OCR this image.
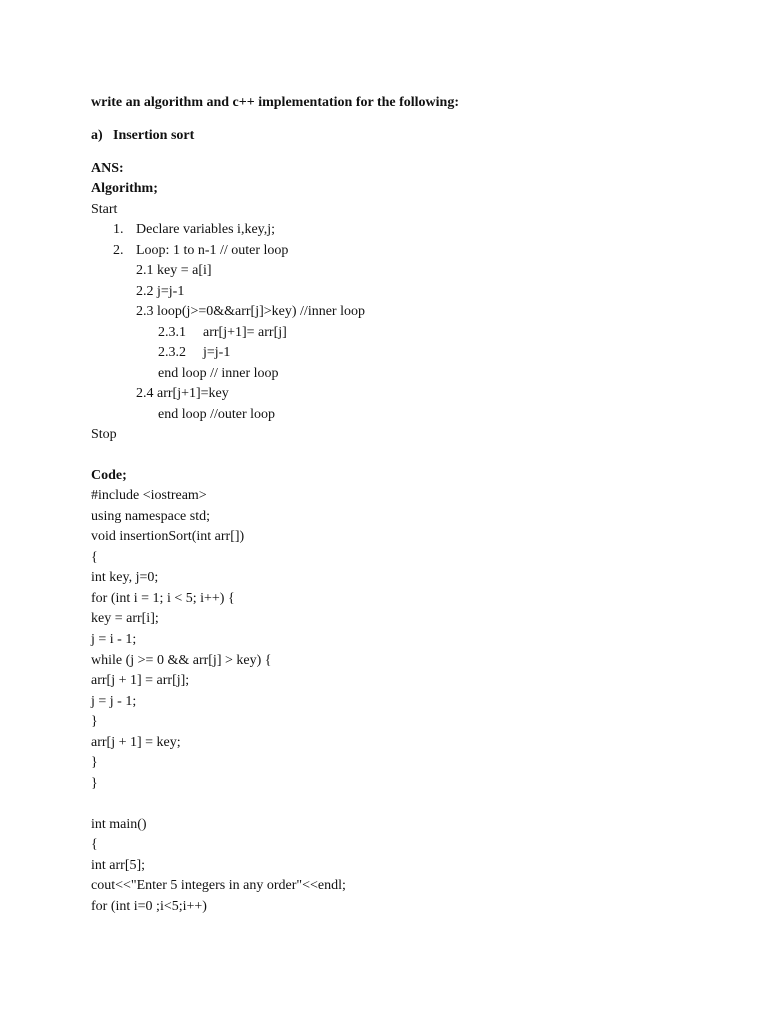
write an algorithm and c++ implementation for the following:
a) Insertion sort
ANS:
Algorithm;
Start
1. Declare variables i,key,j;
2. Loop: 1 to n-1 // outer loop
2.1 key = a[i]
2.2 j=j-1
2.3 loop(j>=0&&arr[j]>key) //inner loop
2.3.1 arr[j+1]= arr[j]
2.3.2 j=j-1
end loop // inner loop
2.4 arr[j+1]=key
end loop //outer loop
Stop
Code;
#include <iostream>
using namespace std;
void insertionSort(int arr[])
{
int key, j=0;
for (int i = 1; i < 5; i++) {
key = arr[i];
j = i - 1;
while (j >= 0 && arr[j] > key) {
arr[j + 1] = arr[j];
j = j - 1;
}
arr[j + 1] = key;
}
}
int main()
{
int arr[5];
cout<<"Enter 5 integers in any order"<<endl;
for (int i=0 ;i<5;i++)
